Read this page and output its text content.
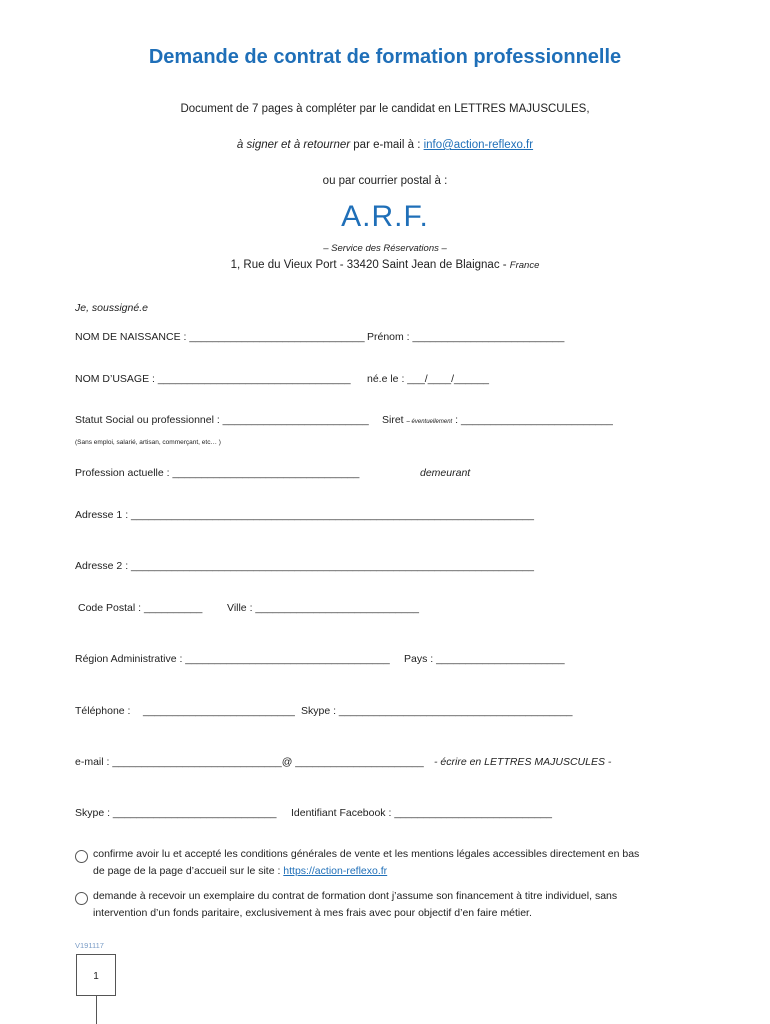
Demande de contrat de formation professionnelle
Document de 7 pages à compléter par le candidat en LETTRES MAJUSCULES,
à signer et à retourner par e-mail à : info@action-reflexo.fr
ou par courrier postal à :
A.R.F.
– Service des Réservations –
1, Rue du Vieux Port - 33420 Saint Jean de Blaignac - France
Je, soussigné.e
NOM DE NAISSANCE : ______________________________ Prénom : __________________________
NOM D’USAGE : _________________________________ né.e le : ___/____/______
Statut Social ou professionnel : _________________________ Siret – éventuellement : __________________________
(Sans emploi, salarié, artisan, commerçant, etc… )
Profession actuelle : ________________________________	demeurant
Adresse 1 : _____________________________________________________________________
Adresse 2 : _____________________________________________________________________
Code Postal : __________ Ville : ____________________________
Région Administrative : ___________________________________ Pays : ______________________
Téléphone : __________________________ Skype : ________________________________________
e-mail : _____________________________@ ______________________ - écrire en LETTRES MAJUSCULES -
Skype : ____________________________ Identifiant Facebook : ___________________________
confirme avoir lu et accepté les conditions générales de vente et les mentions légales accessibles directement en bas de page de la page d’accueil sur le site : https://action-reflexo.fr
demande à recevoir un exemplaire du contrat de formation dont j’assume son financement à titre individuel, sans intervention d’un fonds paritaire, exclusivement à mes frais avec pour objectif d’en faire métier.
V191117
1
